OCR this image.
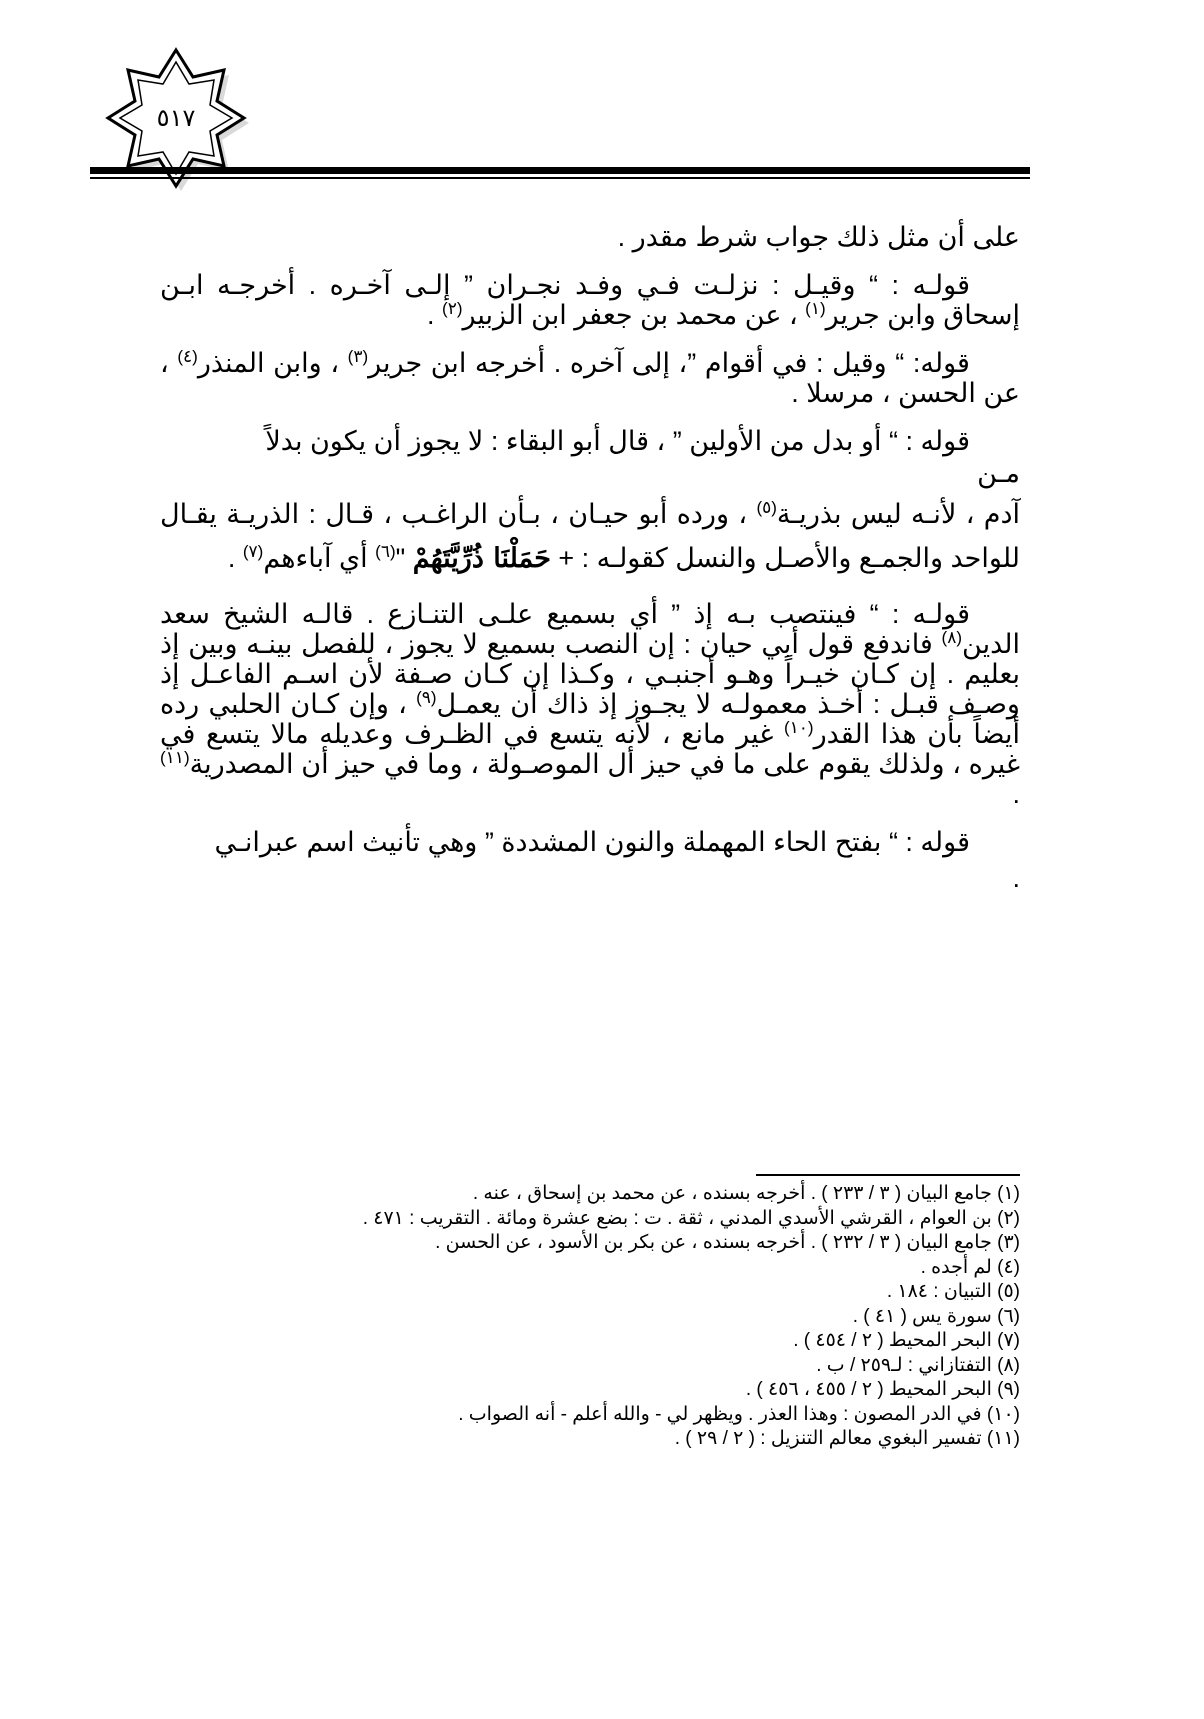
٥١٧

على أن مثل ذلك جواب شرط مقدر .

قولـه : “ وقيـل : نزلـت فـي وفـد نجـران ” إلـى آخـره . أخرجـه ابـن إسحاق وابن جرير$^{(١)}$ ، عن محمد بن جعفر ابن الزبير$^{(٢)}$ .

قوله: “ وقيل : في أقوام ”، إلى آخره . أخرجه ابن جرير$^{(٣)}$ ، وابن المنذر$^{(٤)}$ ، عن الحسن ، مرسلا .

قوله : “ أو بدل من الأولين ” ، قال أبو البقاء : لا يجوز أن يكون بدلاً

مـن

آدم ، لأنـه ليس بذريـة$^{(٥)}$ ، ورده أبو حيـان ، بـأن الراغـب ، قـال : الذريـة يقـال للواحد والجمـع والأصـل والنسل كقولـه : + حَمَلْنَا ذُرِّيَّتَهُمْ "$^{(٦)}$ أي آباءهم$^{(٧)}$ .

قولـه : “ فينتصب بـه إذ ” أي بسميع علـى التنـازع . قالـه الشيخ سعد الدين$^{(٨)}$ فاندفع قول أبي حيان : إن النصب بسميع لا يجوز ، للفصل بينـه وبين إذ بعليم . إن كـان خيـراً وهـو أجنبـي ، وكـذا إن كـان صـفة لأن اسـم الفاعـل إذ وصـف قبـل : أخـذ معمولـه لا يجـوز إذ ذاك أن يعمـل$^{(٩)}$ ، وإن كـان الحلبي رده أيضاً بأن هذا القدر$^{(١٠)}$ غير مانع ، لأنه يتسع في الظـرف وعديله مالا يتسع في غيره ، ولذلك يقوم على ما في حيز أل الموصـولة ، وما في حيز أن المصدرية$^{(١١)}$ .

قوله : “ بفتح الحاء المهملة والنون المشددة ” وهي تأنيث اسم عبرانـي

.

(١) جامع البيان ( ٣ / ٢٣٣ ) . أخرجه بسنده ، عن محمد بن إسحاق ، عنه .
(٢) بن العوام ، القرشي الأسدي المدني ، ثقة . ت : بضع عشرة ومائة . التقريب : ٤٧١ .
(٣) جامع البيان ( ٣ / ٢٣٢ ) . أخرجه بسنده ، عن بكر بن الأسود ، عن الحسن .
(٤) لم أجده .
(٥) التبيان : ١٨٤ .
(٦) سورة يس ( ٤١ ) .
(٧) البحر المحيط ( ٢ / ٤٥٤ ) .
(٨) التفتازاني : لـ٢٥٩ / ب .
(٩) البحر المحيط ( ٢ / ٤٥٥ ، ٤٥٦ ) .
(١٠) في الدر المصون : وهذا العذر . ويظهر لي - والله أعلم - أنه الصواب .
(١١) تفسير البغوي معالم التنزيل : ( ٢ / ٢٩ ) .
